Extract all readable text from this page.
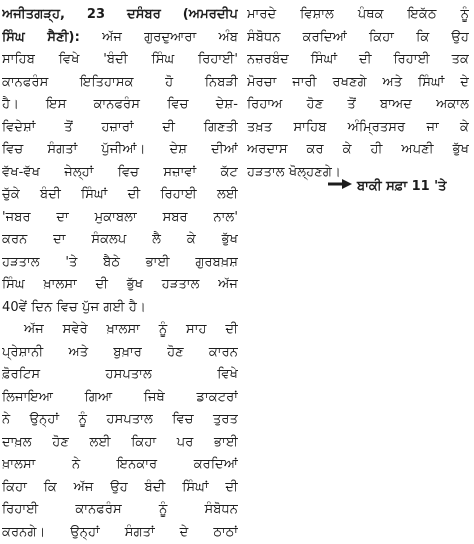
ਅਜੀਤਗੜ੍ਹ, 23 ਦਸੰਬਰ (ਅਮਰਦੀਪ
ਸਿੰਘ ਸੈਣੀ): ਅੱਜ ਗੁਰਦੁਆਰਾ ਅੰਬ
ਸਾਹਿਬ ਵਿਖੇ 'ਬੰਦੀ ਸਿੰਘ ਰਿਹਾਈ'
ਕਾਨਫਰੰਸ ਇਤਿਹਾਸਕ ਹੋ ਨਿਬੜੀ
ਹੈ। ਇਸ ਕਾਨਫਰੰਸ ਵਿਚ ਦੇਸ਼-
ਵਿਦੇਸ਼ਾਂ ਤੋਂ ਹਜ਼ਾਰਾਂ ਦੀ ਗਿਣਤੀ
ਵਿਚ ਸੰਗਤਾਂ ਪੁੱਜੀਆਂ। ਦੇਸ਼ ਦੀਆਂ
ਵੱਖ-ਵੱਖ ਜੇਲ੍ਹਾਂ ਵਿਚ ਸਜ਼ਾਵਾਂ ਕੱਟ
ਚੁੱਕੇ ਬੰਦੀ ਸਿੰਘਾਂ ਦੀ ਰਿਹਾਈ ਲਈ
'ਜਬਰ ਦਾ ਮੁਕਾਬਲਾ ਸਬਰ ਨਾਲ'
ਕਰਨ ਦਾ ਸੰਕਲਪ ਲੈ ਕੇ ਭੁੱਖ
ਹੜਤਾਲ 'ਤੇ ਬੈਠੇ ਭਾਈ ਗੁਰਬਖ਼ਸ਼
ਸਿੰਘ ਖ਼ਾਲਸਾ ਦੀ ਭੁੱਖ ਹੜਤਾਲ ਅੱਜ
40ਵੇਂ ਦਿਨ ਵਿਚ ਪੁੱਜ ਗਈ ਹੈ।
ਅੱਜ ਸਵੇਰੇ ਖ਼ਾਲਸਾ ਨੂੰ ਸਾਹ ਦੀ
ਪ੍ਰੇਸ਼ਾਨੀ ਅਤੇ ਬੁਖ਼ਾਰ ਹੋਣ ਕਾਰਨ
ਫ਼ੋਰਟਿਸ ਹਸਪਤਾਲ ਵਿਖੇ
ਲਿਜਾਇਆ ਗਿਆ ਜਿਥੇ ਡਾਕਟਰਾਂ
ਨੇ ਉਨ੍ਹਾਂ ਨੂੰ ਹਸਪਤਾਲ ਵਿਚ ਤੁਰਤ
ਦਾਖ਼ਲ ਹੋਣ ਲਈ ਕਿਹਾ ਪਰ ਭਾਈ
ਖ਼ਾਲਸਾ ਨੇ ਇਨਕਾਰ ਕਰਦਿਆਂ
ਕਿਹਾ ਕਿ ਅੱਜ ਉਹ ਬੰਦੀ ਸਿੰਘਾਂ ਦੀ
ਰਿਹਾਈ ਕਾਨਫਰੰਸ ਨੂੰ ਸੰਬੋਧਨ
ਕਰਨਗੇ। ਉਨ੍ਹਾਂ ਸੰਗਤਾਂ ਦੇ ਠਾਠਾਂ
ਮਾਰਦੇ ਵਿਸ਼ਾਲ ਪੰਥਕ ਇਕੱਠ ਨੂੰ
ਸੰਬੋਧਨ ਕਰਦਿਆਂ ਕਿਹਾ ਕਿ ਉਹ
ਨਜ਼ਰਬੰਦ ਸਿੰਘਾਂ ਦੀ ਰਿਹਾਈ ਤਕ
ਮੋਰਚਾ ਜਾਰੀ ਰਖਣਗੇ ਅਤੇ ਸਿੰਘਾਂ ਦੇ
ਰਿਹਾਅ ਹੋਣ ਤੋਂ ਬਾਅਦ ਅਕਾਲ
ਤਖ਼ਤ ਸਾਹਿਬ ਅੰਮ੍ਰਿਤਸਰ ਜਾ ਕੇ
ਅਰਦਾਸ ਕਰ ਕੇ ਹੀ ਅਪਣੀ ਭੁੱਖ
ਹੜਤਾਲ ਖੋਲ੍ਹਣਗੇ।
ਬਾਕੀ ਸਫ਼ਾ 11 'ਤੇ
